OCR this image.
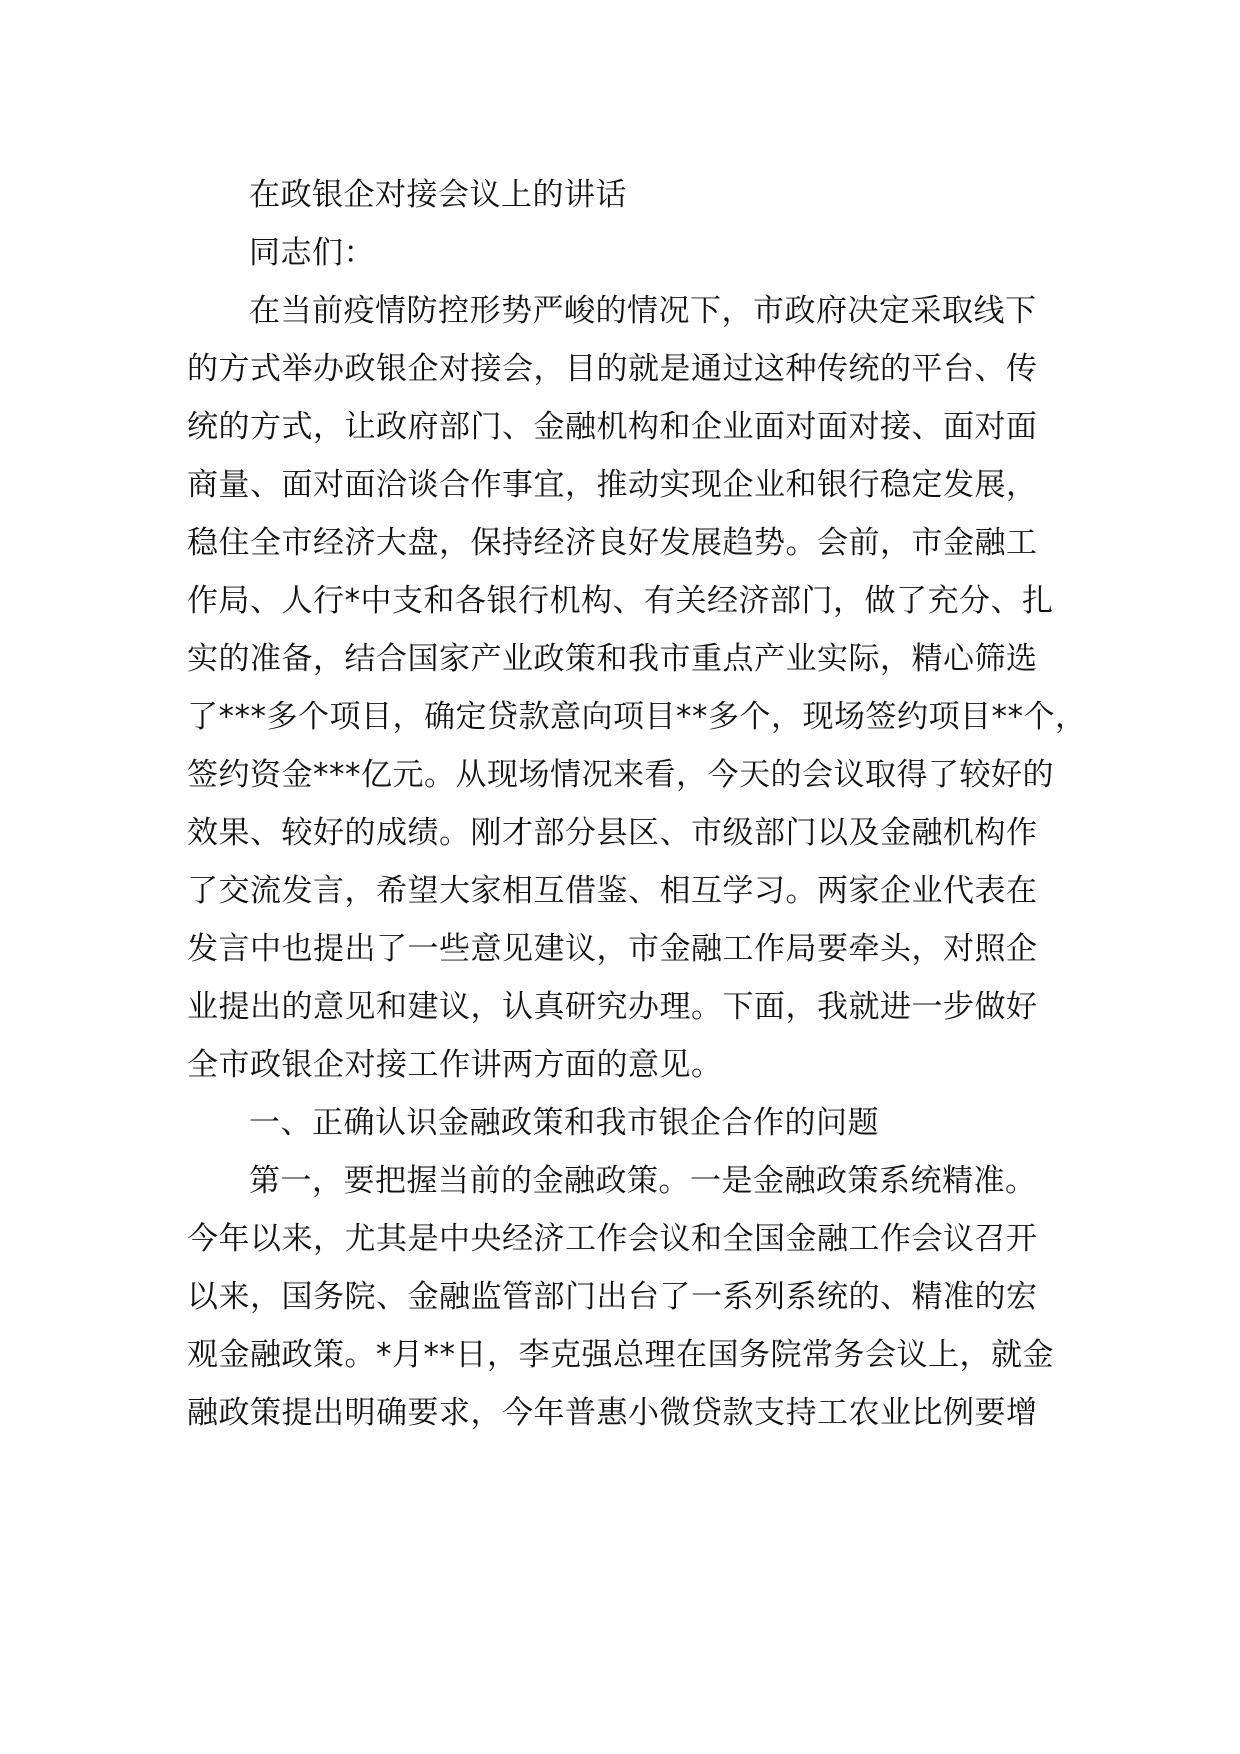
在政银企对接会议上的讲话
同志们：
在当前疫情防控形势严峻的情况下，市政府决定采取线下
的方式举办政银企对接会，目的就是通过这种传统的平台、传
统的方式，让政府部门、金融机构和企业面对面对接、面对面
商量、面对面洽谈合作事宜，推动实现企业和银行稳定发展，
稳住全市经济大盘，保持经济良好发展趋势。会前，市金融工
作局、人行*中支和各银行机构、有关经济部门，做了充分、扎
实的准备，结合国家产业政策和我市重点产业实际，精心筛选
了***多个项目，确定贷款意向项目**多个，现场签约项目**个，
签约资金***亿元。从现场情况来看，今天的会议取得了较好的
效果、较好的成绩。刚才部分县区、市级部门以及金融机构作
了交流发言，希望大家相互借鉴、相互学习。两家企业代表在
发言中也提出了一些意见建议，市金融工作局要牵头，对照企
业提出的意见和建议，认真研究办理。下面，我就进一步做好
全市政银企对接工作讲两方面的意见。
一、正确认识金融政策和我市银企合作的问题
第一，要把握当前的金融政策。一是金融政策系统精准。
今年以来，尤其是中央经济工作会议和全国金融工作会议召开
以来，国务院、金融监管部门出台了一系列系统的、精准的宏
观金融政策。*月**日，李克强总理在国务院常务会议上，就金
融政策提出明确要求，今年普惠小微贷款支持工农业比例要增
